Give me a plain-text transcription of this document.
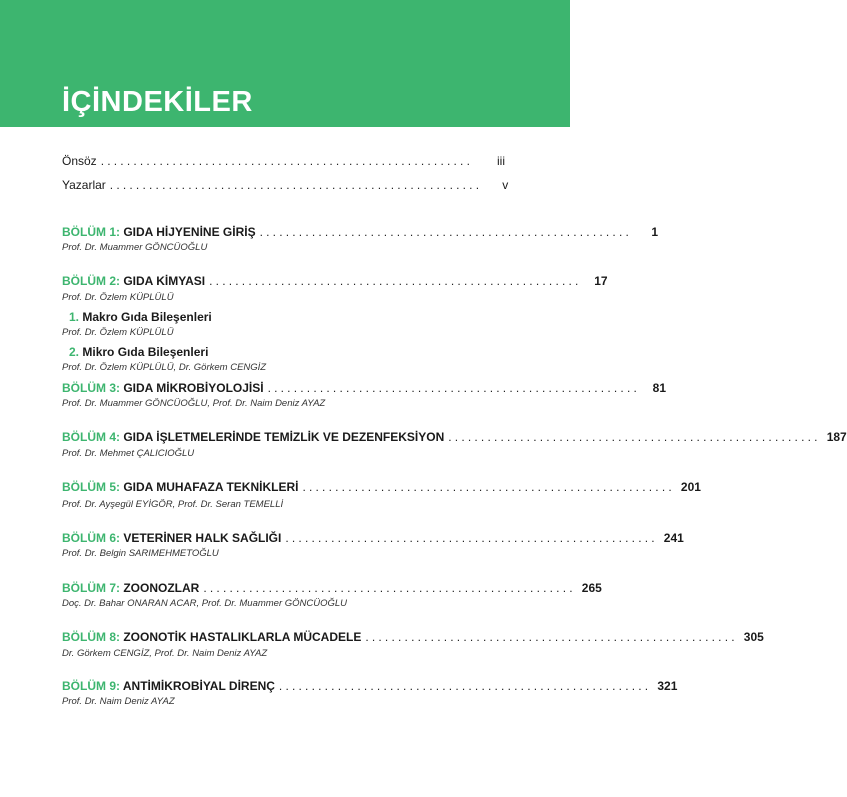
İÇİNDEKİLER
Önsöz .........................................................	iii
Yazarlar .........................................................	v
BÖLÜM 1: GIDA HİJYENİNE GİRİŞ .........................................................	1
Prof. Dr. Muammer GÖNCÜOĞLU
BÖLÜM 2: GIDA KİMYASI .........................................................	17
Prof. Dr. Özlem KÜPLÜLÜ
1. Makro Gıda Bileşenleri
Prof. Dr. Özlem KÜPLÜLÜ
2. Mikro Gıda Bileşenleri
Prof. Dr. Özlem KÜPLÜLÜ, Dr. Görkem CENGİZ
BÖLÜM 3: GIDA MİKROBİYOLOJİSİ .........................................................	81
Prof. Dr. Muammer GÖNCÜOĞLU, Prof. Dr. Naim Deniz AYAZ
BÖLÜM 4: GIDA İŞLETMELERİNDE TEMİZLİK VE DEZENFEKSİYON ......................................................... 187
Prof. Dr. Mehmet ÇALICIOĞLU
BÖLÜM 5: GIDA MUHAFAZA TEKNİKLERİ ......................................................... 201
Prof. Dr. Ayşegül EYİGÖR, Prof. Dr. Seran TEMELLİ
BÖLÜM 6: VETERİNER HALK SAĞLIĞI ......................................................... 241
Prof. Dr. Belgin SARIMEHMETOĞLU
BÖLÜM 7: ZOONOZLAR ......................................................... 265
Doç. Dr. Bahar ONARAN ACAR, Prof. Dr. Muammer GÖNCÜOĞLU
BÖLÜM 8: ZOONOTİK HASTALIKLARLA MÜCADELE ......................................................... 305
Dr. Görkem CENGİZ, Prof. Dr. Naim Deniz AYAZ
BÖLÜM 9: ANTİMİKROBİYAL DİRENÇ ......................................................... 321
Prof. Dr. Naim Deniz AYAZ
